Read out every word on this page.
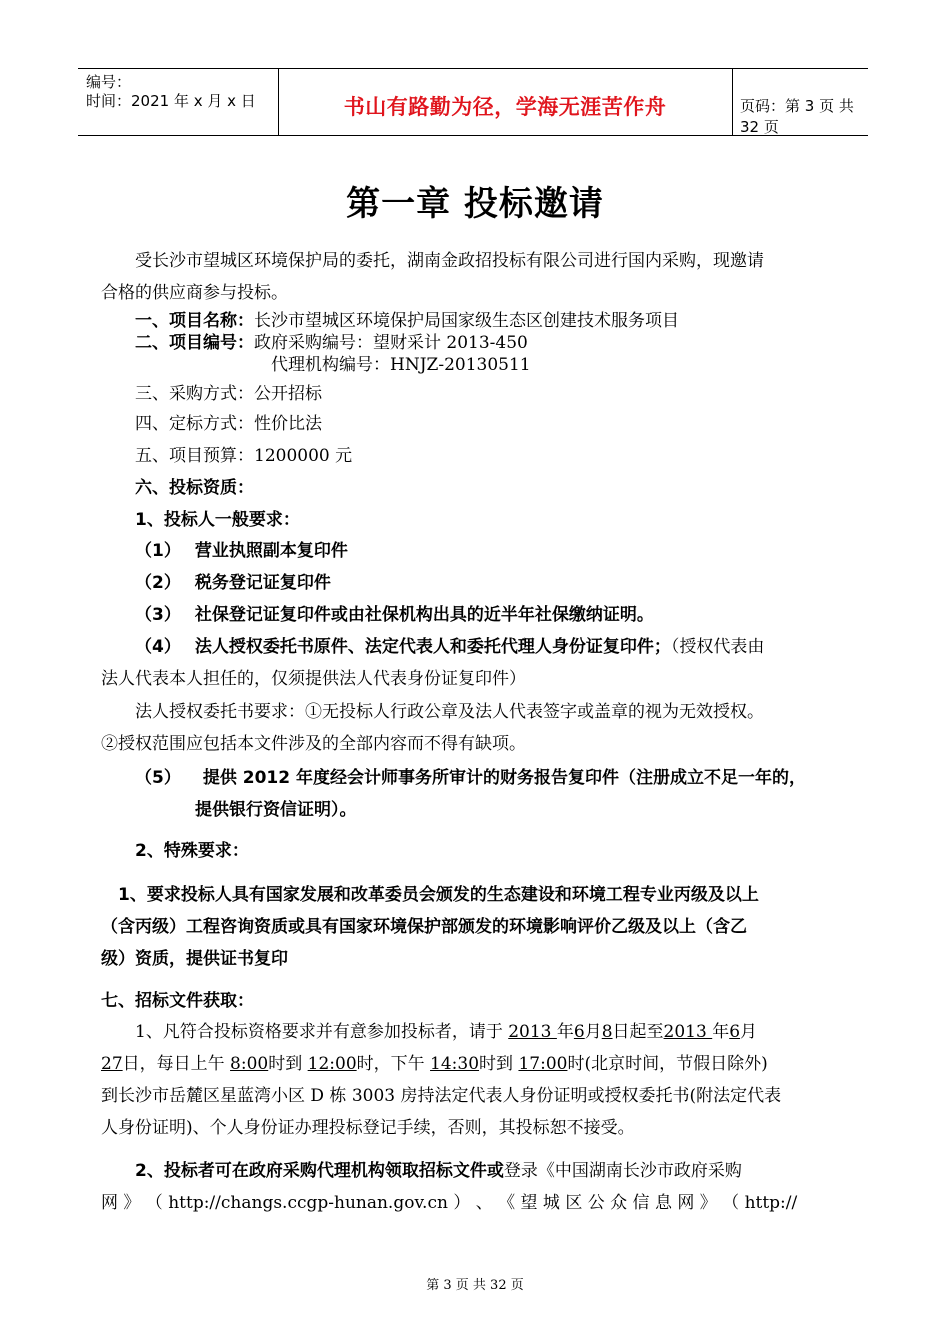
编号：
时间：2021 年 x 月 x 日	书山有路勤为径，学海无涯苦作舟	页码：第 3 页 共 32 页
第一章 投标邀请
受长沙市望城区环境保护局的委托，湖南金政招投标有限公司进行国内采购，现邀请
合格的供应商参与投标。
一、项目名称：长沙市望城区环境保护局国家级生态区创建技术服务项目
二、项目编号：政府采购编号：望财采计 2013-450
代理机构编号：HNJZ-20130511
三、采购方式：公开招标
四、定标方式：性价比法
五、项目预算：1200000 元
六、投标资质：
1、投标人一般要求：
（1） 营业执照副本复印件
（2） 税务登记证复印件
（3） 社保登记证复印件或由社保机构出具的近半年社保缴纳证明。
（4） 法人授权委托书原件、法定代表人和委托代理人身份证复印件；（授权代表由
法人代表本人担任的，仅须提供法人代表身份证复印件）
法人授权委托书要求：①无投标人行政公章及法人代表签字或盖章的视为无效授权。
②授权范围应包括本文件涉及的全部内容而不得有缺项。
（5） 提供 2012 年度经会计师事务所审计的财务报告复印件（注册成立不足一年的，
提供银行资信证明）。
2、特殊要求：
1、要求投标人具有国家发展和改革委员会颁发的生态建设和环境工程专业丙级及以上
（含丙级）工程咨询资质或具有国家环境保护部颁发的环境影响评价乙级及以上（含乙
级）资质，提供证书复印
七、招标文件获取：
1、凡符合投标资格要求并有意参加投标者，请于 2013 年6月8日起至2013 年6月
27日，每日上午 8:00时到 12:00时，下午 14:30时到 17:00时(北京时间，节假日除外)
到长沙市岳麓区星蓝湾小区 D 栋 3003 房持法定代表人身份证明或授权委托书(附法定代表
人身份证明)、个人身份证办理投标登记手续，否则，其投标恕不接受。
2、投标者可在政府采购代理机构领取招标文件或登录《中国湖南长沙市政府采购
网 》 （ http://changs.ccgp-hunan.gov.cn ） 、 《 望 城 区 公 众 信 息 网 》 （ http://
第 3 页 共 32 页
